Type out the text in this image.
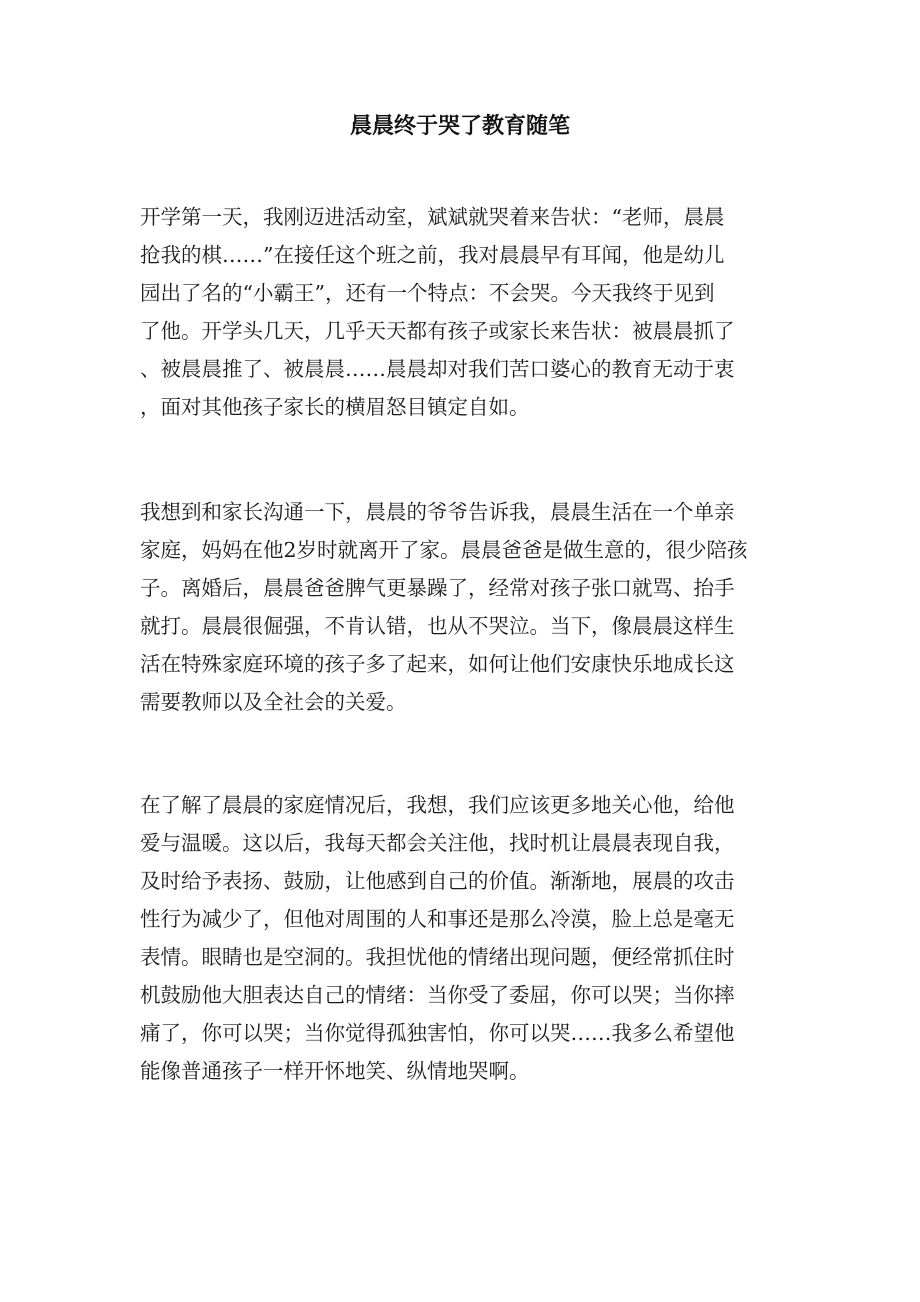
晨晨终于哭了教育随笔
开学第一天，我刚迈进活动室，斌斌就哭着来告状：“老师，晨晨
抢我的棋……”在接任这个班之前，我对晨晨早有耳闻，他是幼儿
园出了名的“小霸王”，还有一个特点：不会哭。今天我终于见到
了他。开学头几天，几乎天天都有孩子或家长来告状：被晨晨抓了
、被晨晨推了、被晨晨……晨晨却对我们苦口婆心的教育无动于衷
，面对其他孩子家长的横眉怒目镇定自如。
我想到和家长沟通一下，晨晨的爷爷告诉我，晨晨生活在一个单亲
家庭，妈妈在他2岁时就离开了家。晨晨爸爸是做生意的，很少陪孩
子。离婚后，晨晨爸爸脾气更暴躁了，经常对孩子张口就骂、抬手
就打。晨晨很倔强，不肯认错，也从不哭泣。当下，像晨晨这样生
活在特殊家庭环境的孩子多了起来，如何让他们安康快乐地成长这
需要教师以及全社会的关爱。
在了解了晨晨的家庭情况后，我想，我们应该更多地关心他，给他
爱与温暖。这以后，我每天都会关注他，找时机让晨晨表现自我，
及时给予表扬、鼓励，让他感到自己的价值。渐渐地，展晨的攻击
性行为减少了，但他对周围的人和事还是那么冷漠，脸上总是毫无
表情。眼睛也是空洞的。我担忧他的情绪出现问题，便经常抓住时
机鼓励他大胆表达自己的情绪：当你受了委屈，你可以哭；当你摔
痛了，你可以哭；当你觉得孤独害怕，你可以哭……我多么希望他
能像普通孩子一样开怀地笑、纵情地哭啊。
